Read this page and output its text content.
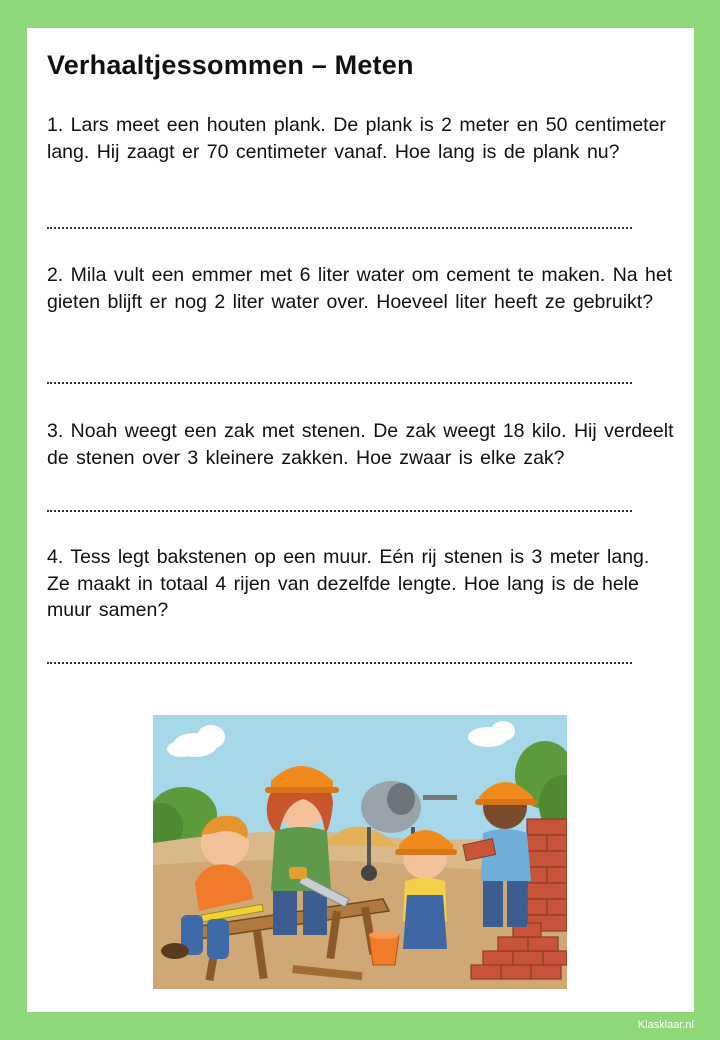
Verhaaltjessommen – Meten

1. Lars meet een houten plank. De plank is 2 meter en 50 centimeter lang. Hij zaagt er 70 centimeter vanaf. Hoe lang is de plank nu?

2. Mila vult een emmer met 6 liter water om cement te maken. Na het gieten blijft er nog 2 liter water over. Hoeveel liter heeft ze gebruikt?

3. Noah weegt een zak met stenen. De zak weegt 18 kilo. Hij verdeelt de stenen over 3 kleinere zakken. Hoe zwaar is elke zak?

4. Tess legt bakstenen op een muur. Eén rij stenen is 3 meter lang. Ze maakt in totaal 4 rijen van dezelfde lengte. Hoe lang is de hele muur samen?

Klasklaar.nl
